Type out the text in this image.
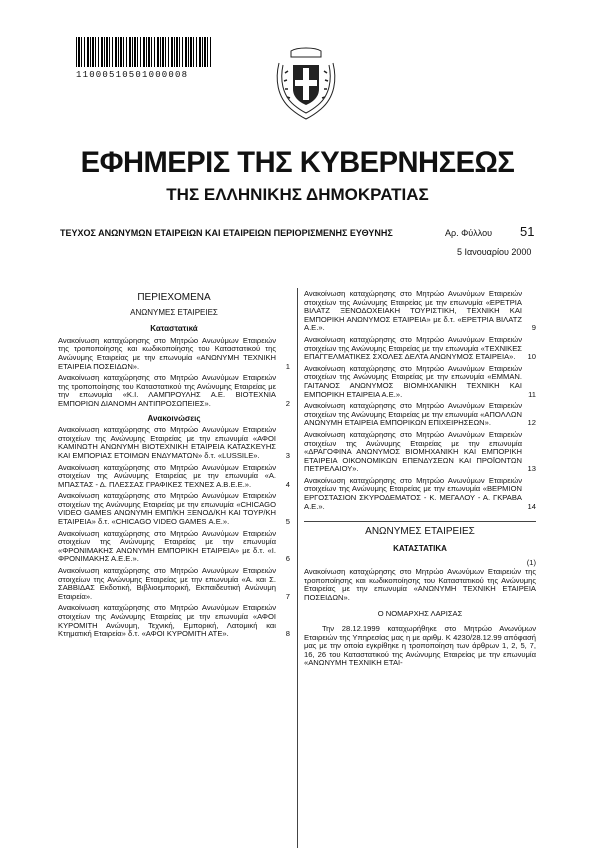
11000510501000008
ΕΦΗΜΕΡΙΣ ΤΗΣ ΚΥΒΕΡΝΗΣΕΩΣ
ΤΗΣ ΕΛΛΗΝΙΚΗΣ ΔΗΜΟΚΡΑΤΙΑΣ
ΤΕΥΧΟΣ ΑΝΩΝΥΜΩΝ ΕΤΑΙΡΕΙΩΝ ΚΑΙ ΕΤΑΙΡΕΙΩΝ ΠΕΡΙΟΡΙΣΜΕΝΗΣ ΕΥΘΥΝΗΣ	Αρ. Φύλλου 51
5 Ιανουαρίου 2000
ΠΕΡΙΕΧΟΜΕΝΑ
ΑΝΩΝΥΜΕΣ ΕΤΑΙΡΕΙΕΣ
Καταστατικά
Ανακοίνωση καταχώρησης στο Μητρώο Ανωνύμων Εταιρειών της τροποποίησης και κωδικοποίησης του Καταστατικού της Ανώνυμης Εταιρείας με την επωνυμία «ΑΝΩΝΥΜΗ ΤΕΧΝΙΚΗ ΕΤΑΙΡΕΙΑ ΠΟΣΕΙΔΩΝ».	1
Ανακοίνωση καταχώρησης στο Μητρώο Ανωνύμων Εταιρειών της τροποποίησης του Καταστατικού της Ανώνυμης Εταιρείας με την επωνυμία «Κ.Ι. ΛΑΜΠΡΟΥΛΗΣ Α.Ε. ΒΙΟΤΕΧΝΙΑ ΕΜΠΟΡΙΩΝ ΔΙΑΝΟΜΗ ΑΝΤΙΠΡΟΣΩΠΕΙΕΣ».	2
Ανακοινώσεις
Ανακοίνωση καταχώρησης στο Μητρώο Ανωνύμων Εταιρειών στοιχείων της Ανώνυμης Εταιρείας με την επωνυμία «ΑΦΟΙ ΚΑΜΙΝΩΤΗ ΑΝΩΝΥΜΗ ΒΙΟΤΕΧΝΙΚΗ ΕΤΑΙΡΕΙΑ ΚΑΤΑΣΚΕΥΗΣ ΚΑΙ ΕΜΠΟΡΙΑΣ ΕΤΟΙΜΩΝ ΕΝΔΥΜΑΤΩΝ» δ.τ. «LUSSILE».	3
Ανακοίνωση καταχώρησης στο Μητρώο Ανωνύμων Εταιρειών στοιχείων της Ανώνυμης Εταιρείας με την επωνυμία «Α. ΜΠΑΣΤΑΣ - Δ. ΠΛΕΣΣΑΣ ΓΡΑΦΙΚΕΣ ΤΕΧΝΕΣ Α.Β.Ε.Ε.».	4
Ανακοίνωση καταχώρησης στο Μητρώο Ανωνύμων Εταιρειών στοιχείων της Ανώνυμης Εταιρείας με την επωνυμία «CHICAGO VIDEO GAMES ΑΝΩΝΥΜΗ ΕΜΠ/ΚΗ ΞΕΝΟΔ/ΚΗ ΚΑΙ ΤΟΥΡ/ΚΗ ΕΤΑΙΡΕΙΑ» δ.τ. «CHICAGO VIDEO GAMES Α.Ε.».	5
Ανακοίνωση καταχώρησης στο Μητρώο Ανωνύμων Εταιρειών στοιχείων της Ανώνυμης Εταιρείας με την επωνυμία «ΦΡΟΝΙΜΑΚΗΣ ΑΝΩΝΥΜΗ ΕΜΠΟΡΙΚΗ ΕΤΑΙΡΕΙΑ» με δ.τ. «Ι. ΦΡΟΝΙΜΑΚΗΣ Α.Ε.Ε.».	6
Ανακοίνωση καταχώρησης στο Μητρώο Ανωνύμων Εταιρειών στοιχείων της Ανώνυμης Εταιρείας με την επωνυμία «Α. και Σ. ΣΑΒΒΙΔΑΣ Εκδοτική, Βιβλιοεμπορική, Εκπαιδευτική Ανώνυμη Εταιρεία».	7
Ανακοίνωση καταχώρησης στο Μητρώο Ανωνύμων Εταιρειών στοιχείων της Ανώνυμης Εταιρείας με την επωνυμία «ΑΦΟΙ ΚΥΡΟΜΙΤΗ Ανώνυμη, Τεχνική, Εμπορική, Λατομική και Κτηματική Εταιρεία» δ.τ. «ΑΦΟΙ ΚΥΡΟΜΙΤΗ ΑΤΕ».	8
Ανακοίνωση καταχώρησης στο Μητρώο Ανωνύμων Εταιρειών στοιχείων της Ανώνυμης Εταιρείας με την επωνυμία «ΕΡΕΤΡΙΑ ΒΙΛΑΤΖ ΞΕΝΟΔΟΧΕΙΑΚΗ ΤΟΥΡΙΣΤΙΚΗ, ΤΕΧΝΙΚΗ ΚΑΙ ΕΜΠΟΡΙΚΗ ΑΝΩΝΥΜΟΣ ΕΤΑΙΡΕΙΑ» με δ.τ. «ΕΡΕΤΡΙΑ ΒΙΛΑΤΖ Α.Ε.».	9
Ανακοίνωση καταχώρησης στο Μητρώο Ανωνύμων Εταιρειών στοιχείων της Ανώνυμης Εταιρείας με την επωνυμία «ΤΕΧΝΙΚΕΣ ΕΠΑΓΓΕΛΜΑΤΙΚΕΣ ΣΧΟΛΕΣ ΔΕΛΤΑ ΑΝΩΝΥΜΟΣ ΕΤΑΙΡΕΙΑ».	10
Ανακοίνωση καταχώρησης στο Μητρώο Ανωνύμων Εταιρειών στοιχείων της Ανώνυμης Εταιρείας με την επωνυμία «ΕΜΜΑΝ. ΓΑΙΤΑΝΟΣ ΑΝΩΝΥΜΟΣ ΒΙΟΜΗΧΑΝΙΚΗ ΤΕΧΝΙΚΗ ΚΑΙ ΕΜΠΟΡΙΚΗ ΕΤΑΙΡΕΙΑ Α.Ε.».	11
Ανακοίνωση καταχώρησης στο Μητρώο Ανωνύμων Εταιρειών στοιχείων της Ανώνυμης Εταιρείας με την επωνυμία «ΑΠΟΛΛΩΝ ΑΝΩΝΥΜΗ ΕΤΑΙΡΕΙΑ ΕΜΠΟΡΙΚΩΝ ΕΠΙΧΕΙΡΗΣΕΩΝ».	12
Ανακοίνωση καταχώρησης στο Μητρώο Ανωνύμων Εταιρειών στοιχείων της Ανώνυμης Εταιρείας με την επωνυμία «ΔΡΑΓΟΦΙΝΑ ΑΝΩΝΥΜΟΣ ΒΙΟΜΗΧΑΝΙΚΗ ΚΑΙ ΕΜΠΟΡΙΚΗ ΕΤΑΙΡΕΙΑ ΟΙΚΟΝΟΜΙΚΩΝ ΕΠΕΝΔΥΣΕΩΝ ΚΑΙ ΠΡΟΪΟΝΤΩΝ ΠΕΤΡΕΛΑΙΟΥ».	13
Ανακοίνωση καταχώρησης στο Μητρώο Ανωνύμων Εταιρειών στοιχείων της Ανώνυμης Εταιρείας με την επωνυμία «ΒΕΡΜΙΟΝ ΕΡΓΟΣΤΑΣΙΟΝ ΣΚΥΡΟΔΕΜΑΤΟΣ - Κ. ΜΕΓΑΛΟΥ - Α. ΓΚΡΑΒΑ Α.Ε.».	14
ΑΝΩΝΥΜΕΣ ΕΤΑΙΡΕΙΕΣ
ΚΑΤΑΣΤΑΤΙΚΑ
(1)
Ανακοίνωση καταχώρησης στο Μητρώο Ανωνύμων Εταιρειών της τροποποίησης και κωδικοποίησης του Καταστατικού της Ανώνυμης Εταιρείας με την επωνυμία «ΑΝΩΝΥΜΗ ΤΕΧΝΙΚΗ ΕΤΑΙΡΕΙΑ ΠΟΣΕΙΔΩΝ».
Ο ΝΟΜΑΡΧΗΣ ΛΑΡΙΣΑΣ
Την 28.12.1999 καταχωρήθηκε στο Μητρώο Ανωνύμων Εταιρειών της Υπηρεσίας μας η με αριθμ. Κ 4230/28.12.99 απόφασή μας με την οποία εγκρίθηκε η τροποποίηση των άρθρων 1, 2, 5, 7, 16, 26 του Καταστατικού της Ανώνυμης Εταιρείας με την επωνυμία «ΑΝΩΝΥΜΗ ΤΕΧΝΙΚΗ ΕΤΑΙ-
